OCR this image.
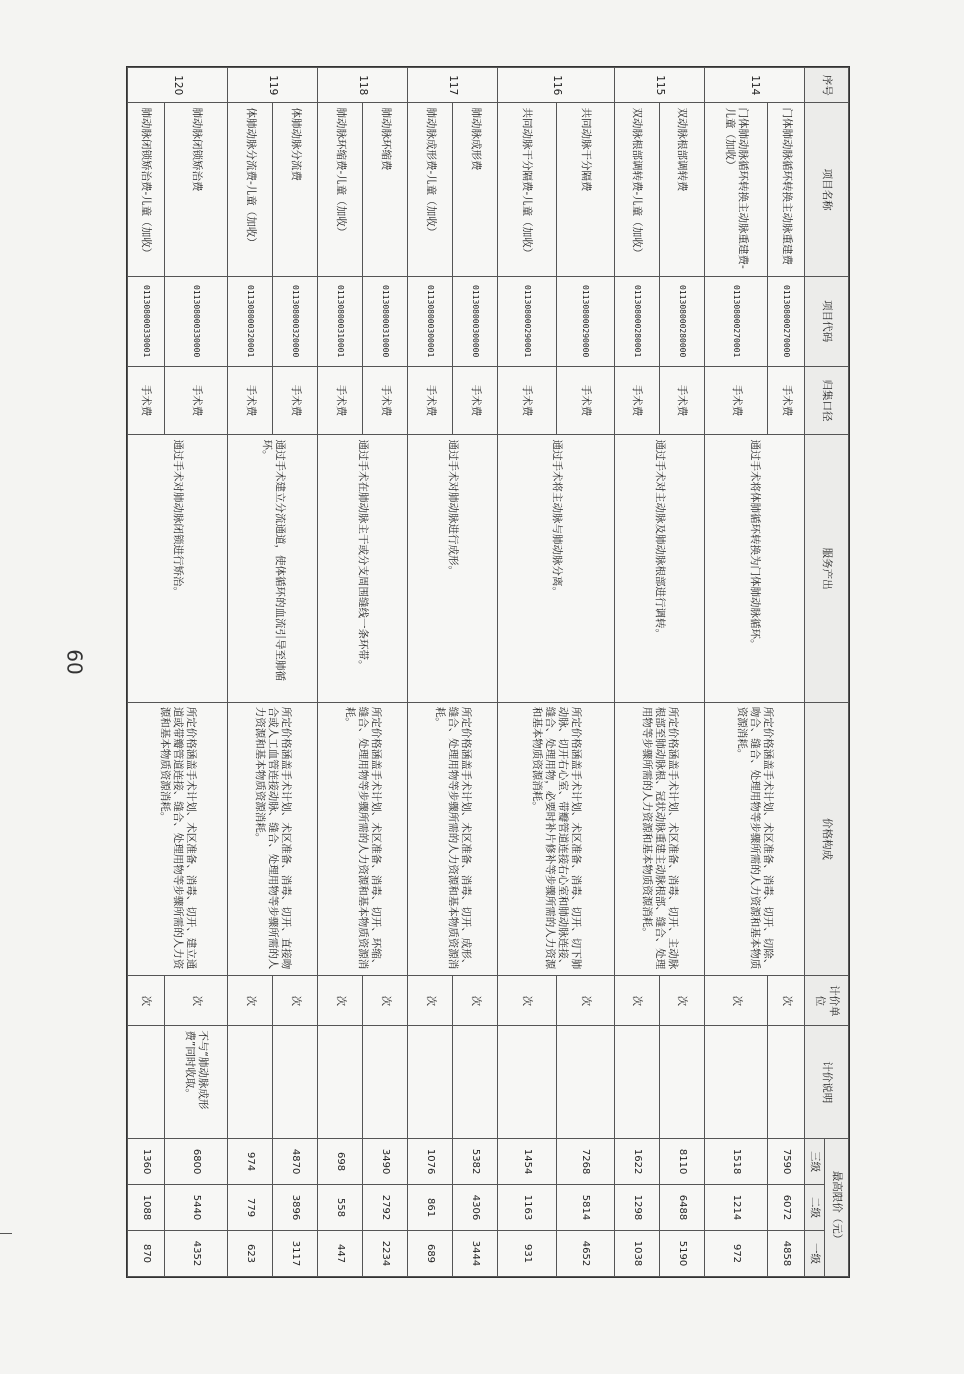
60
序号	项目名称	项目代码	归集口径	服务产出	价格构成	计价单位	计价说明	最高限价（元）		
								三级	二级	一级
114	门体肺动脉循环转换主动脉重建费	011308000270000	手术费	通过手术将体肺循环转换为门体肺动脉循环。	所定价格涵盖手术计划、术区准备、消毒、切开、切除、吻合、缝合、处理用物等步骤所需的人力资源和基本物质资源消耗。	次		7590	6072	4858
	门体肺动脉循环转换主动脉重建费-儿童（加收）	011308000270001	手术费			次		1518	1214	972
115	双动脉根部调转费	011308000280000	手术费	通过手术对主动脉及肺动脉根部进行调转。	所定价格涵盖手术计划、术区准备、消毒、切开、主动脉根部至肺动脉根、冠状动脉重建主动脉根部、缝合、处理用物等步骤所需的人力资源和基本物质资源消耗。	次		8110	6488	5190
	双动脉根部调转费-儿童（加收）	011308000280001	手术费			次		1622	1298	1038
116	共同动脉干分隔费	011308000290000	手术费	通过手术将主动脉与肺动脉分离。	所定价格涵盖手术计划、术区准备、消毒、切开、切下肺动脉、切开右心室、带瓣管道连接右心室和肺动脉连接、缝合、处理用物，必要时补片修补等步骤所需的人力资源和基本物质资源消耗。	次		7268	5814	4652
	共同动脉干分隔费-儿童（加收）	011308000290001	手术费			次		1454	1163	931
117	肺动脉成形费	011308000300000	手术费	通过手术对肺动脉进行成形。	所定价格涵盖手术计划、术区准备、消毒、切开、成形、缝合、处理用物等步骤所需的人力资源和基本物质资源消耗。	次		5382	4306	3444
	肺动脉成形费-儿童（加收）	011308000300001	手术费			次		1076	861	689
118	肺动脉环缩费	011308000310000	手术费	通过手术在肺动脉主干或分支周围缝线一条环带。	所定价格涵盖手术计划、术区准备、消毒、切开、环缩、缝合、处理用物等步骤所需的人力资源和基本物质资源消耗。	次		3490	2792	2234
	肺动脉环缩费-儿童（加收）	011308000310001	手术费			次		698	558	447
119	体肺动脉分流费	011308000320000	手术费	通过手术建立分流通道，使体循环的血流引导至肺循环。	所定价格涵盖手术计划、术区准备、消毒、切开、直接吻合或人工血管连接动脉、缝合、处理用物等步骤所需的人力资源和基本物质资源消耗。	次		4870	3896	3117
	体肺动脉分流费-儿童（加收）	011308000320001	手术费			次		974	779	623
120	肺动脉闭锁矫治费	011308000330000	手术费	通过手术对肺动脉闭锁进行矫治。	所定价格涵盖手术计划、术区准备、消毒、切开、建立通道或带瓣管道连接、缝合、处理用物等步骤所需的人力资源和基本物质资源消耗。	次	不与“肺动脉成形费”同时收取。	6800	5440	4352
	肺动脉闭锁矫治费-儿童（加收）	011308000330001	手术费			次		1360	1088	870
